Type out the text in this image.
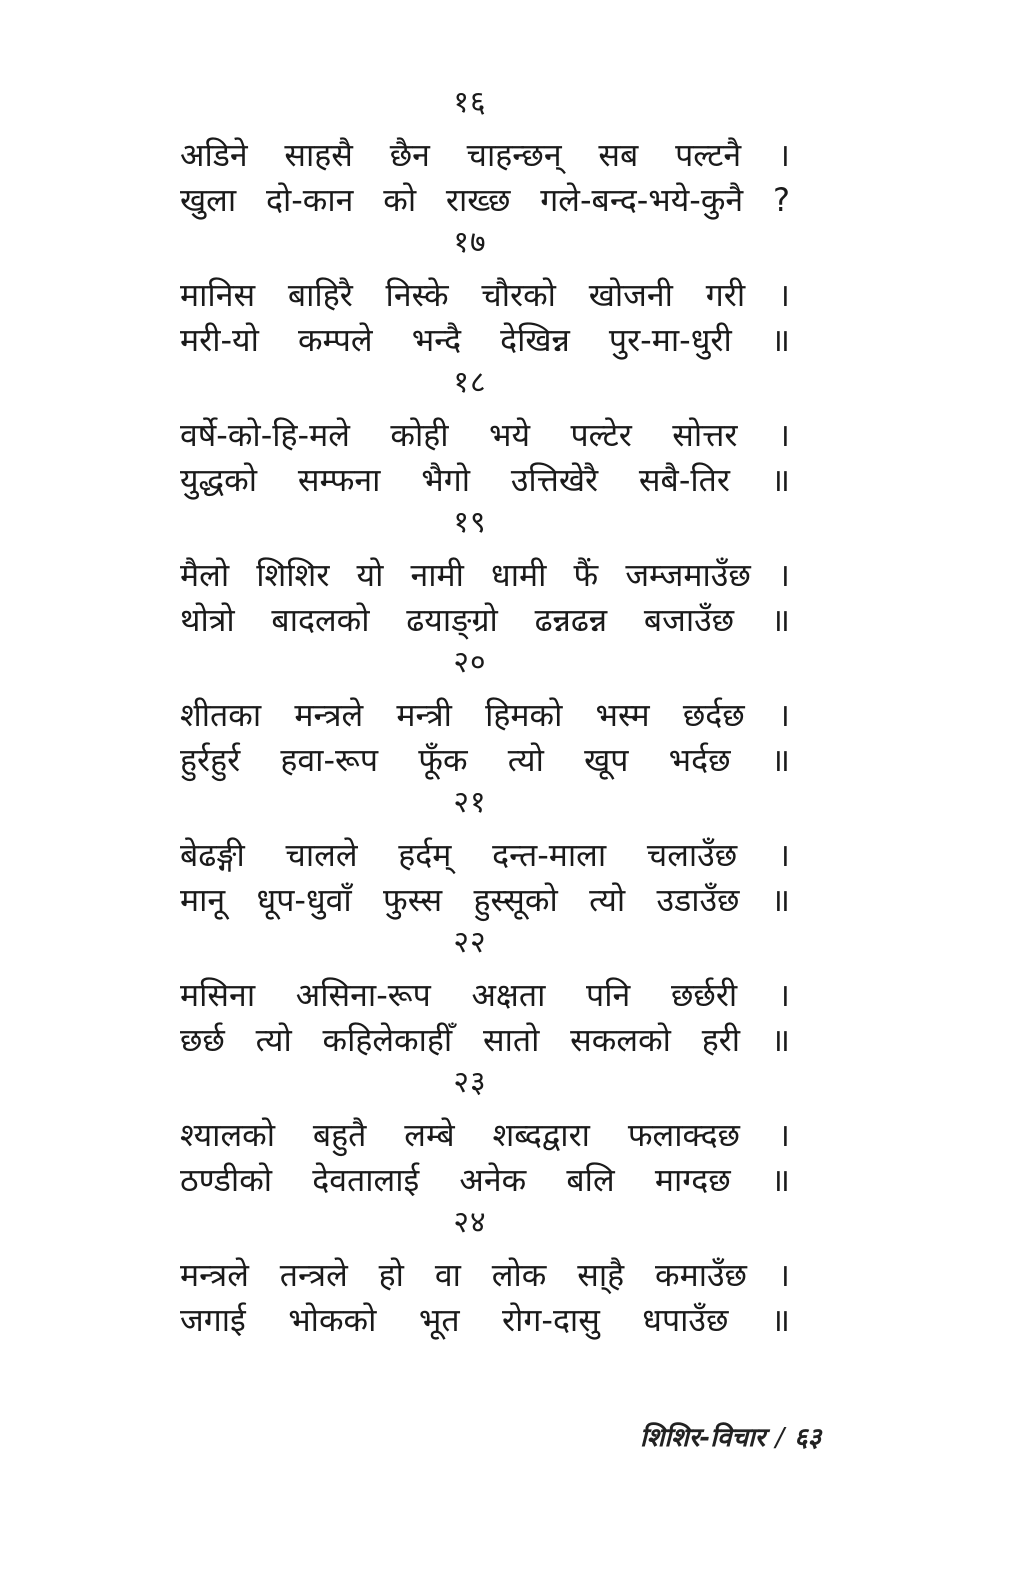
१६
अडिने साहसै छैन चाहन्छन् सब पल्टनै ।
खुला दो-कान को राख्छ गले-बन्द-भये-कुनै ?
१७
मानिस बाहिरै निस्के चौरको खोजनी गरी ।
मरी-यो कम्पले भन्दै देखिन्न पुर-मा-धुरी ॥
१८
वर्षे-को-हि-मले कोही भये पल्टेर सोत्तर ।
युद्धको सम्फना भैगो उत्तिखेरै सबै-तिर ॥
१९
मैलो शिशिर यो नामी धामी फैं जम्जमाउँछ ।
थोत्रो बादलको ढयाङ्ग्रो ढन्नढन्न बजाउँछ ॥
२०
शीतका मन्त्रले मन्त्री हिमको भस्म छर्दछ ।
हुर्रहुर्र हवा-रूप फूँक त्यो खूप भर्दछ ॥
२१
बेढङ्गी चालले हर्दम् दन्त-माला चलाउँछ ।
मानू धूप-धुवाँ फुस्स हुस्सूको त्यो उडाउँछ ॥
२२
मसिना असिना-रूप अक्षता पनि छर्छरी ।
छर्छ त्यो कहिलेकाहीँ सातो सकलको हरी ॥
२३
श्यालको बहुतै लम्बे शब्दद्वारा फलाक्दछ ।
ठण्डीको देवतालाई अनेक बलि माग्दछ ॥
२४
मन्त्रले तन्त्रले हो वा लोक सा्है कमाउँछ ।
जगाई भोकको भूत रोग-दासु धपाउँछ ॥
शिशिर-विचार / ६३
